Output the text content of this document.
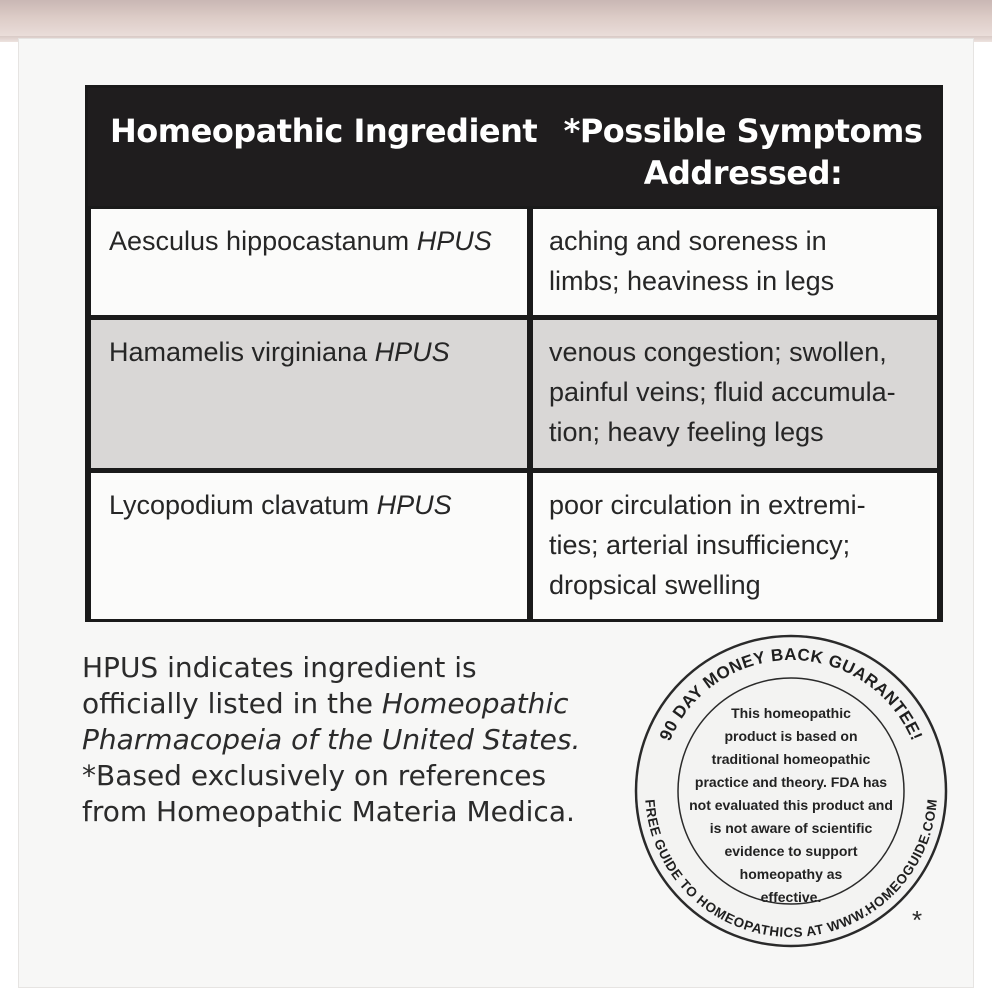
Homeopathic Ingredient *Possible Symptoms
Addressed:
Aesculus hippocastanum HPUS	aching and soreness in
limbs; heaviness in legs
Hamamelis virginiana HPUS	venous congestion; swollen,
painful veins; fluid accumula-
tion; heavy feeling legs
Lycopodium clavatum HPUS	poor circulation in extremi-
ties; arterial insufficiency;
dropsical swelling
HPUS indicates ingredient is
officially listed in the Homeopathic
Pharmacopeia of the United States.
*Based exclusively on references
from Homeopathic Materia Medica.
90 DAY MONEY BACK GUARANTEE!
FREE GUIDE TO HOMEOPATHICS AT WWW.HOMEOGUIDE.COM
This homeopathic
product is based on
traditional homeopathic
practice and theory. FDA has
not evaluated this product and
is not aware of scientific
evidence to support
homeopathy as
effective.
*
